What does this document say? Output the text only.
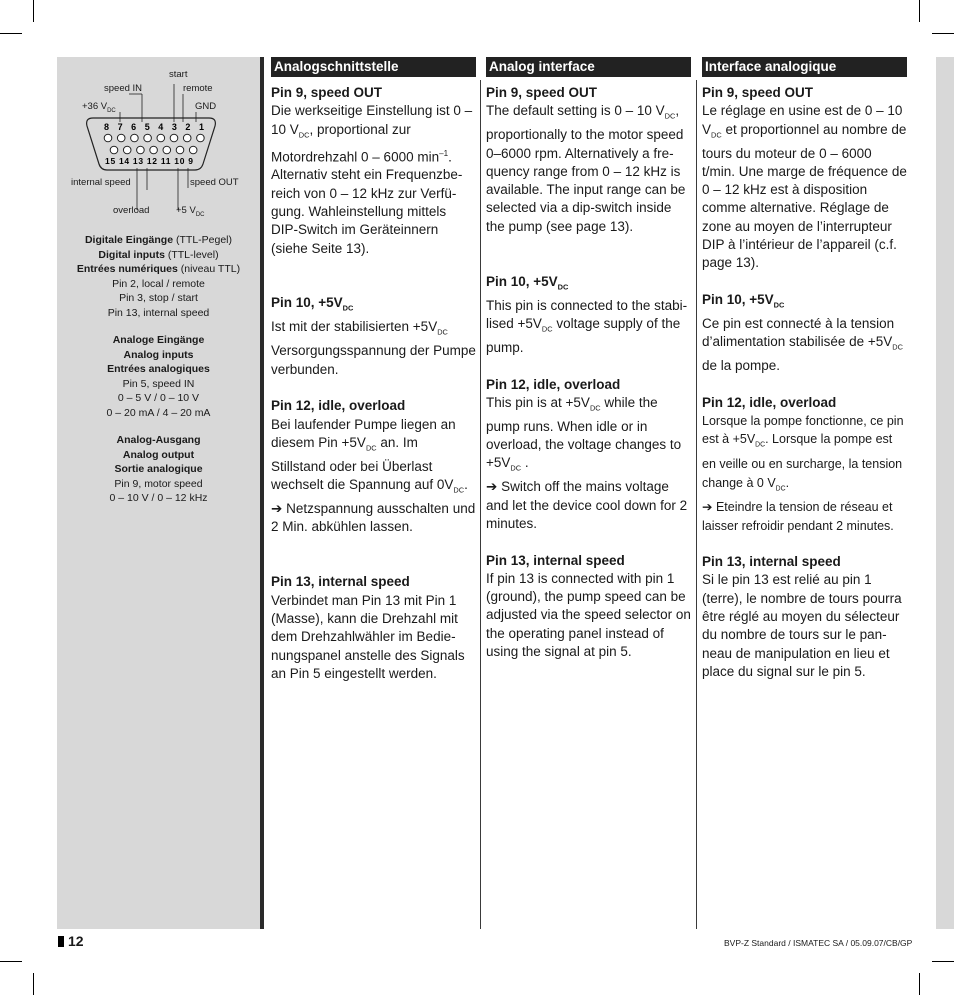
8 7 6 5 4 3 2 1
15 14 13 12 11 10 9
start
speed IN	remote
+36 $V_{DC}$	GND
internal speed	speed OUT
overload	+5 $V_{DC}$
Digitale Eingänge (TTL-Pegel)
Digital inputs (TTL-level)
Entrées numériques (niveau TTL)
Pin 2, local / remote
Pin 3, stop / start
Pin 13, internal speed
Analoge Eingänge
Analog inputs
Entrées analogiques
Pin 5, speed IN
0 – 5 V / 0 – 10 V
0 – 20 mA / 4 – 20 mA
Analog-Ausgang
Analog output
Sortie analogique
Pin 9, motor speed
0 – 10 V / 0 – 12 kHz
Analogschnittstelle
Pin 9, speed OUT
Die werkseitige Einstellung ist 0 – 10 $V_{DC}$, proportional zur Motordrehzahl 0 – 6000 $\min^{-1}$. Alternativ steht ein Frequenzbe-reich von 0 – 12 kHz zur Verfü-gung. Wahleinstellung mittels DIP-Switch im Geräteinnern (siehe Seite 13).
Pin 10, $+5V_{DC}$
Ist mit der stabilisierten $+5V_{DC}$ Versorgungsspannung der Pumpe verbunden.
Pin 12, idle, overload
Bei laufender Pumpe liegen an diesem Pin $+5V_{DC}$ an. Im Stillstand oder bei Überlast wechselt die Spannung auf $0V_{DC}$.
➔ Netzspannung ausschalten und 2 Min. abkühlen lassen.
Pin 13, internal speed
Verbindet man Pin 13 mit Pin 1 (Masse), kann die Drehzahl mit dem Drehzahlwähler im Bedie-nungspanel anstelle des Signals an Pin 5 eingestellt werden.
Analog interface
Pin 9, speed OUT
The default setting is 0 – 10 $V_{DC}$, proportionally to the motor speed 0–6000 rpm. Alternatively a fre-quency range from 0 – 12 kHz is available. The input range can be selected via a dip-switch inside the pump (see page 13).
Pin 10, $+5V_{DC}$
This pin is connected to the stabi-lised $+5V_{DC}$ voltage supply of the pump.
Pin 12, idle, overload
This pin is at $+5V_{DC}$ while the pump runs. When idle or in overload, the voltage changes to $+5V_{DC}$ .
➔ Switch off the mains voltage and let the device cool down for 2 minutes.
Pin 13, internal speed
If pin 13 is connected with pin 1 (ground), the pump speed can be adjusted via the speed selector on the operating panel instead of using the signal at pin 5.
Interface analogique
Pin 9, speed OUT
Le réglage en usine est de 0 – 10 $V_{DC}$ et proportionnel au nombre de tours du moteur de 0 – 6000 t/min. Une marge de fréquence de 0 – 12 kHz est à disposition comme alternative. Réglage de zone au moyen de l’interrupteur DIP à l’intérieur de l’appareil (c.f. page 13).
Pin 10, $+5V_{DC}$
Ce pin est connecté à la tension d’alimentation stabilisée de $+5V_{DC}$ de la pompe.
Pin 12, idle, overload
Lorsque la pompe fonctionne, ce pin est à $+5V_{DC}$. Lorsque la pompe est en veille ou en surcharge, la tension change à 0 $V_{DC}$.
➔ Eteindre la tension de réseau et laisser refroidir pendant 2 minutes.
Pin 13, internal speed
Si le pin 13 est relié au pin 1 (terre), le nombre de tours pourra être réglé au moyen du sélecteur du nombre de tours sur le pan-neau de manipulation en lieu et place du signal sur le pin 5.
12	BVP-Z Standard / ISMATEC SA / 05.09.07/CB/GP
